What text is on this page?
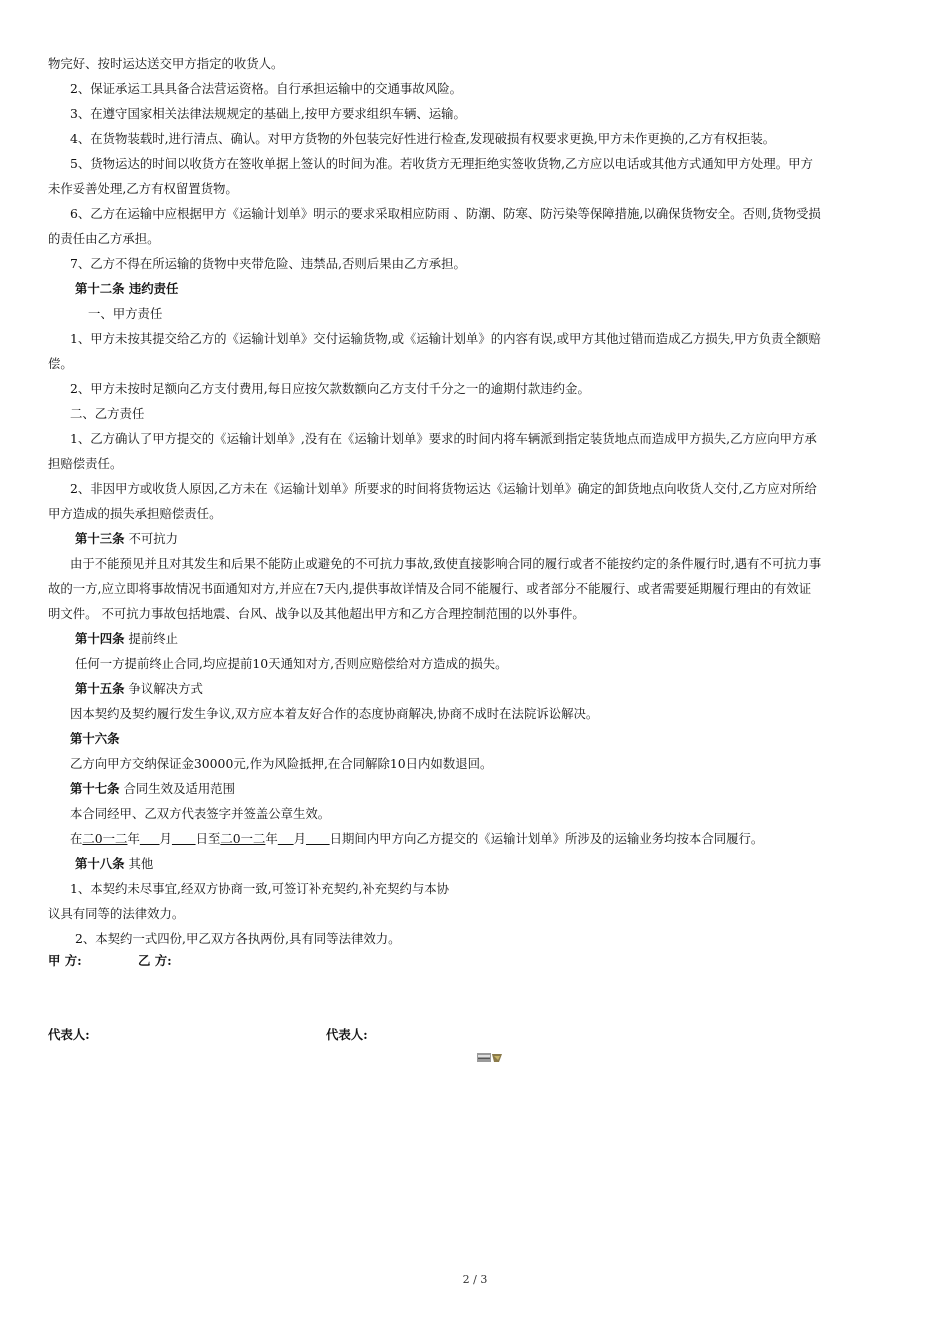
物完好、按时运达送交甲方指定的收货人。

2、保证承运工具具备合法营运资格。自行承担运输中的交通事故风险。

3、在遵守国家相关法律法规规定的基础上,按甲方要求组织车辆、运输。

4、在货物装载时,进行清点、确认。对甲方货物的外包装完好性进行检查,发现破损有权要求更换,甲方未作更换的,乙方有权拒装。

5、货物运达的时间以收货方在签收单据上签认的时间为准。若收货方无理拒绝实签收货物,乙方应以电话或其他方式通知甲方处理。甲方

未作妥善处理,乙方有权留置货物。

6、乙方在运输中应根据甲方《运输计划单》明示的要求采取相应防雨 、防潮、防寒、防污染等保障措施,以确保货物安全。否则,货物受损

的责任由乙方承担。

7、乙方不得在所运输的货物中夹带危险、违禁品,否则后果由乙方承担。

第十二条 违约责任

一、甲方责任

1、甲方未按其提交给乙方的《运输计划单》交付运输货物,或《运输计划单》的内容有误,或甲方其他过错而造成乙方损失,甲方负责全额赔

偿。

2、甲方未按时足额向乙方支付费用,每日应按欠款数额向乙方支付千分之一的逾期付款违约金。

二、乙方责任

1、乙方确认了甲方提交的《运输计划单》,没有在《运输计划单》要求的时间内将车辆派到指定装货地点而造成甲方损失,乙方应向甲方承

担赔偿责任。

2、非因甲方或收货人原因,乙方未在《运输计划单》所要求的时间将货物运达《运输计划单》确定的卸货地点向收货人交付,乙方应对所给

甲方造成的损失承担赔偿责任。

第十三条 不可抗力

由于不能预见并且对其发生和后果不能防止或避免的不可抗力事故,致使直接影响合同的履行或者不能按约定的条件履行时,遇有不可抗力事

故的一方,应立即将事故情况书面通知对方,并应在7天内,提供事故详情及合同不能履行、或者部分不能履行、或者需要延期履行理由的有效证

明文件。 不可抗力事故包括地震、台风、战争以及其他超出甲方和乙方合理控制范围的以外事件。

第十四条 提前终止

任何一方提前终止合同,均应提前10天通知对方,否则应赔偿给对方造成的损失。

第十五条 争议解决方式

因本契约及契约履行发生争议,双方应本着友好合作的态度协商解决,协商不成时在法院诉讼解决。

第十六条

乙方向甲方交纳保证金30000元,作为风险抵押,在合同解除10日内如数退回。

第十七条 合同生效及适用范围

本合同经甲、乙双方代表签字并签盖公章生效。

在二0一二年 月 日至二0一二年 月 日期间内甲方向乙方提交的《运输计划单》所涉及的运输业务均按本合同履行。

第十八条 其他

1、本契约未尽事宜,经双方协商一致,可签订补充契约,补充契约与本协

议具有同等的法律效力。

2、本契约一式四份,甲乙双方各执两份,具有同等法律效力。

甲 方:	乙 方:
代表人:	代表人:
2 / 3
